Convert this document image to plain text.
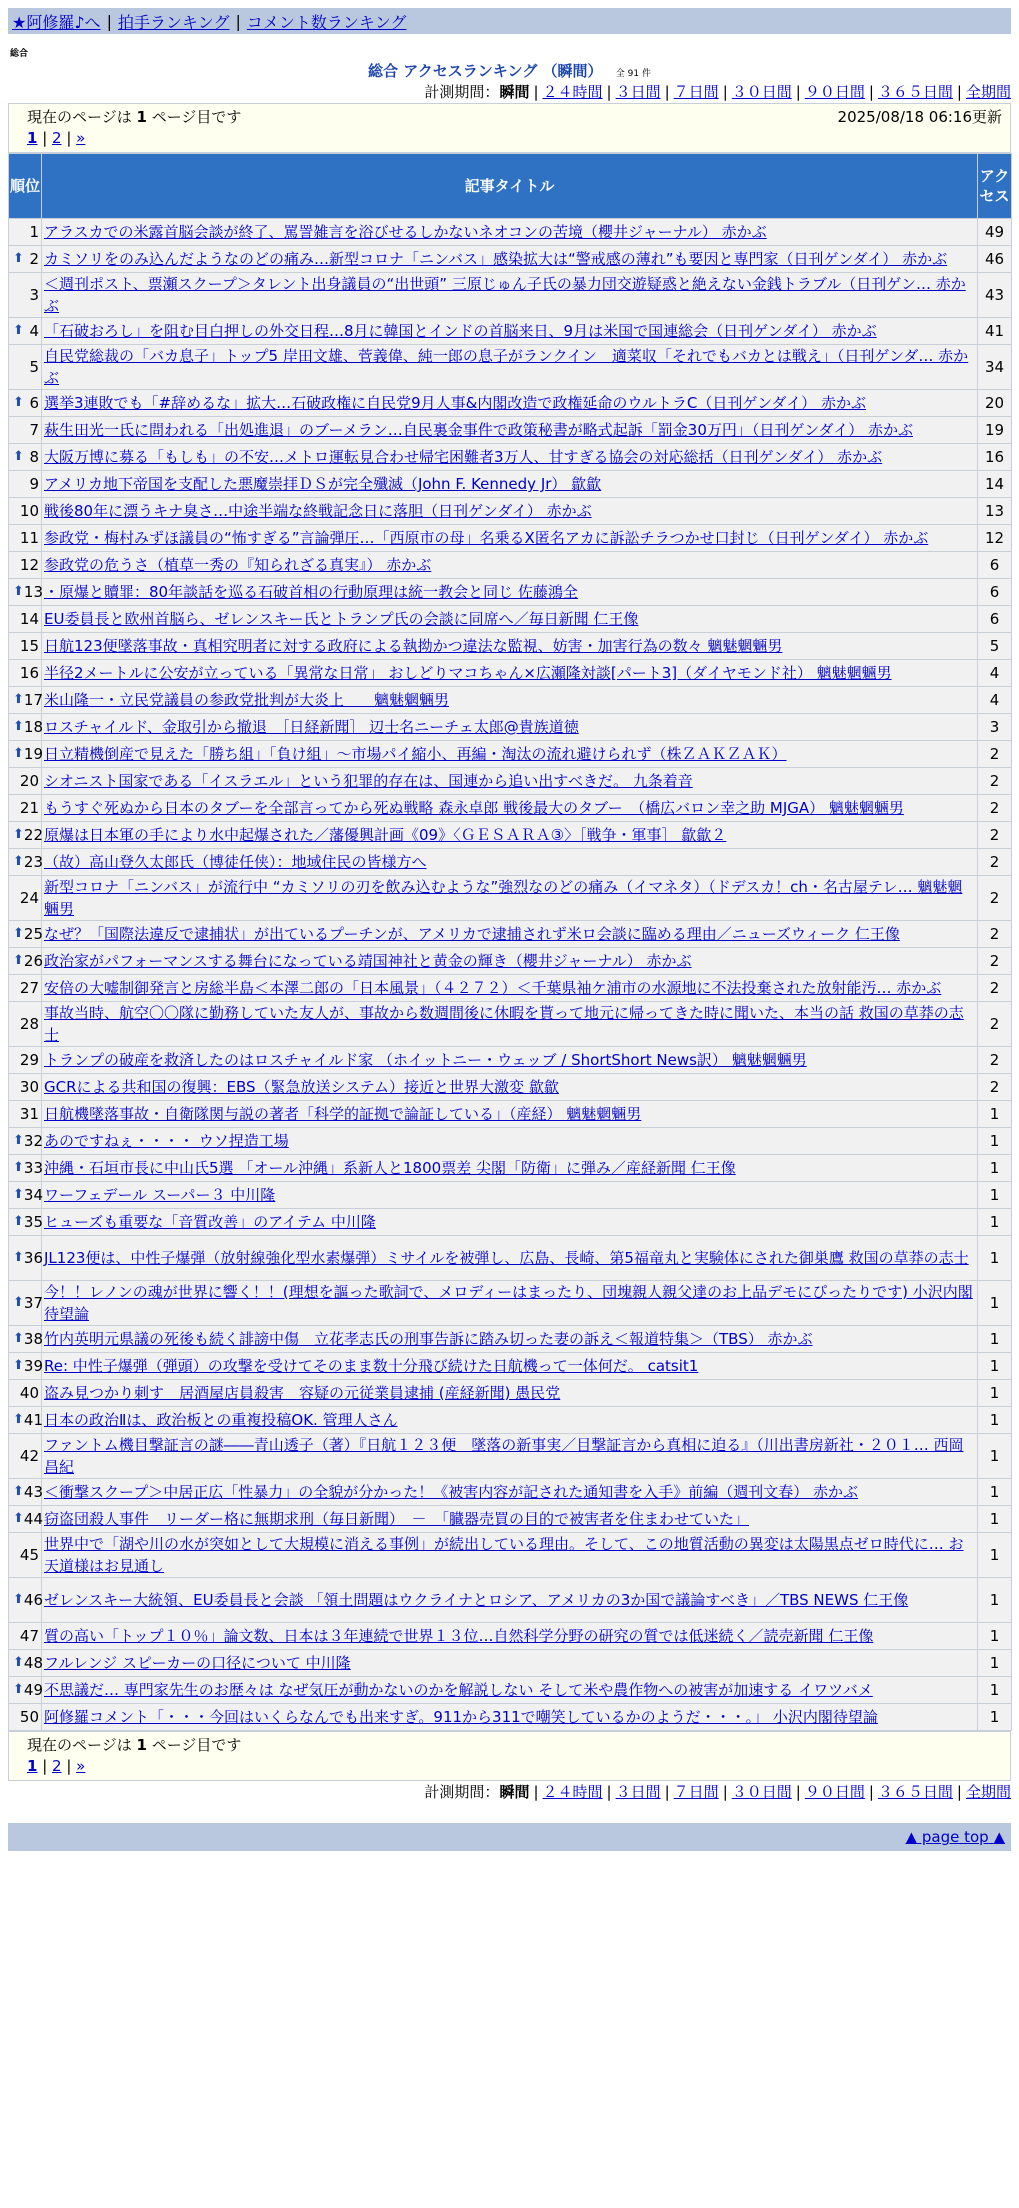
★阿修羅♪へ | 拍手ランキング | コメント数ランキング
総合
総合 アクセスランキング （瞬間） 全 91 件
計測期間：瞬間 | ２４時間 | ３日間 | ７日間 | ３０日間 | ９０日間 | ３６５日間 | 全期間
現在のページは 1 ページ目です	2025/08/18 06:16更新
1 | 2 | »
順位	記事タイトル	アクセス
1	アラスカでの米露首脳会談が終了、罵詈雑言を浴びせるしかないネオコンの苦境（櫻井ジャーナル） 赤かぶ	49

⬆ 2	カミソリをのみ込んだようなのどの痛み…新型コロナ「ニンバス」感染拡大は“警戒感の薄れ”も要因と専門家（日刊ゲンダイ） 赤かぶ	46
3	＜週刊ポスト、票瀬スクープ＞タレント出身議員の“出世頭” 三原じゅん子氏の暴力団交遊疑惑と絶えない金銭トラブル（日刊ゲン… 赤かぶ	43

⬆ 4	「石破おろし」を阻む目白押しの外交日程…8月に韓国とインドの首脳来日、9月は米国で国連総会（日刊ゲンダイ） 赤かぶ	41
5	自民党総裁の「バカ息子」トップ5 岸田文雄、菅義偉、純一郎の息子がランクイン　適菜収「それでもバカとは戦え」（日刊ゲンダ… 赤かぶ	34

⬆ 6	選挙3連敗でも「#辞めるな」拡大…石破政権に自民党9月人事&内閣改造で政権延命のウルトラC（日刊ゲンダイ） 赤かぶ	20
7	萩生田光一氏に問われる「出処進退」のブーメラン…自民裏金事件で政策秘書が略式起訴「罰金30万円」（日刊ゲンダイ） 赤かぶ	19

⬆ 8	大阪万博に募る「もしも」の不安…メトロ運転見合わせ帰宅困難者3万人、甘すぎる協会の対応総括（日刊ゲンダイ） 赤かぶ	16
9	アメリカ地下帝国を支配した悪魔崇拝ＤＳが完全殲滅（John F. Kennedy Jr） 歙歙	14
10	戦後80年に漂うキナ臭さ…中途半端な終戦記念日に落胆（日刊ゲンダイ） 赤かぶ	13
11	参政党・梅村みずほ議員の“怖すぎる”言論弾圧…「西原市の母」名乗るX匿名アカに訴訟チラつかせ口封じ（日刊ゲンダイ） 赤かぶ	12
12	参政党の危うさ（植草一秀の『知られざる真実』） 赤かぶ	6

⬆ 13	・原爆と贖罪：80年談話を巡る石破首相の行動原理は統一教会と同じ 佐藤鴻全	6
14	EU委員長と欧州首脳ら、ゼレンスキー氏とトランプ氏の会談に同席へ／毎日新聞 仁王像	6
15	日航123便墜落事故・真相究明者に対する政府による執拗かつ違法な監視、妨害・加害行為の数々 魑魅魍魎男	5
16	半径2メートルに公安が立っている「異常な日常」 おしどりマコちゃん×広瀬隆対談[パート3]（ダイヤモンド社） 魑魅魍魎男	4

⬆ 17	米山隆一・立民党議員の参政党批判が大炎上　　魑魅魍魎男	4

⬆ 18	ロスチャイルド、金取引から撤退　［日経新聞］ 辺士名ニーチェ太郎@貴族道徳	3

⬆ 19	日立精機倒産で見えた「勝ち組」「負け組」～市場パイ縮小、再編・淘汰の流れ避けられず（株ＺＡＫＺＡＫ）	2
20	シオニスト国家である「イスラエル」という犯罪的存在は、国連から追い出すべきだ。 九条着音	2
21	もうすぐ死ぬから日本のタブーを全部言ってから死ぬ戦略 森永卓郎 戦後最大のタブー　（橋広バロン幸之助 MJGA） 魑魅魍魎男	2

⬆ 22	原爆は日本軍の手により水中起爆された／藩優興計画《09》〈ＧＥＳＡＲＡ③〉［戦争・軍事］ 歙歙２	2

⬆ 23	（故）高山登久太郎氏（博徒任侠）：地域住民の皆様方へ	2
24	新型コロナ「ニンバス」が流行中 “カミソリの刃を飲み込むような”強烈なのどの痛み（イマネタ）（ドデスカ！ch・名古屋テレ… 魑魅魍魎男	2

⬆ 25	なぜ？「国際法違反で逮捕状」が出ているプーチンが、アメリカで逮捕されず米ロ会談に臨める理由／ニューズウィーク 仁王像	2

⬆ 26	政治家がパフォーマンスする舞台になっている靖国神社と黄金の輝き（櫻井ジャーナル） 赤かぶ	2
27	安倍の大嘘制御発言と房総半島＜本澤二郎の「日本風景」（４２７２）＜千葉県袖ケ浦市の水源地に不法投棄された放射能汚… 赤かぶ	2
28	事故当時、航空〇〇隊に勤務していた友人が、事故から数週間後に休暇を貰って地元に帰ってきた時に聞いた、本当の話 救国の草莽の志士	2
29	トランプの破産を救済したのはロスチャイルド家 （ホイットニー・ウェッブ / ShortShort News訳） 魑魅魍魎男	2
30	GCRによる共和国の復興：EBS（緊急放送システム）接近と世界大激変 歙歙	2
31	日航機墜落事故・自衛隊関与説の著者「科学的証拠で論証している」（産経） 魑魅魍魎男	1

⬆ 32	あのですねぇ・・・・ ウソ捏造工場	1

⬆ 33	沖縄・石垣市長に中山氏5選 「オール沖縄」系新人と1800票差 尖閣「防衛」に弾み／産経新聞 仁王像	1

⬆ 34	ワーフェデール スーパー３ 中川隆	1

⬆ 35	ヒューズも重要な「音質改善」のアイテム 中川隆	1

⬆ 36	JL123便は、中性子爆弾（放射線強化型水素爆弾）ミサイルを被弾し、広島、長崎、第5福竜丸と実験体にされた御巣鷹 救国の草莽の志士	1

⬆ 37	今！！レノンの魂が世界に響く！！(理想を謳った歌詞で、メロディーはまったり、団塊親人親父達のお上品デモにぴったりです) 小沢内閣待望論	1

⬆ 38	竹内英明元県議の死後も続く誹謗中傷　立花孝志氏の刑事告訴に踏み切った妻の訴え＜報道特集＞（TBS） 赤かぶ	1

⬆ 39	Re: 中性子爆弾（弾頭）の攻撃を受けてそのまま数十分飛び続けた日航機って一体何だ。 catsit1	1
40	盗み見つかり刺す　居酒屋店員殺害　容疑の元従業員逮捕 (産経新聞) 愚民党	1

⬆ 41	日本の政治Ⅱは、政治板との重複投稿OK. 管理人さん	1
42	ファントム機目撃証言の謎――青山透子（著）『日航１２３便　墜落の新事実／目撃証言から真相に迫る』（川出書房新社・２０１… 西岡昌紀	1

⬆ 43	＜衝撃スクープ＞中居正広「性暴力」の全貌が分かった！《被害内容が記された通知書を入手》前編（週刊文春） 赤かぶ	1

⬆ 44	窃盗団殺人事件　リーダー格に無期求刑（毎日新聞）　－　「臓器売買の目的で被害者を住まわせていた」	1
45	世界中で「湖や川の水が突如として大規模に消える事例」が続出している理由。そして、この地質活動の異変は太陽黒点ゼロ時代に… お天道様はお見通し	1

⬆ 46	ゼレンスキー大統領、EU委員長と会談 「領土問題はウクライナとロシア、アメリカの3か国で議論すべき」／TBS NEWS 仁王像	1
47	質の高い「トップ１０％」論文数、日本は３年連続で世界１３位…自然科学分野の研究の質では低迷続く／読売新聞 仁王像	1

⬆ 48	フルレンジ スピーカーの口径について 中川隆	1

⬆ 49	不思議だ… 専門家先生のお歴々は なぜ気圧が動かないのかを解説しない そして米や農作物への被害が加速する イワツバメ	1
50	阿修羅コメント「・・・今回はいくらなんでも出来すぎ。911から311で嘲笑しているかのようだ・・・。」 小沢内閣待望論	1
現在のページは 1 ページ目です
1 | 2 | »
計測期間：瞬間 | ２４時間 | ３日間 | ７日間 | ３０日間 | ９０日間 | ３６５日間 | 全期間
▲ page top ▲
